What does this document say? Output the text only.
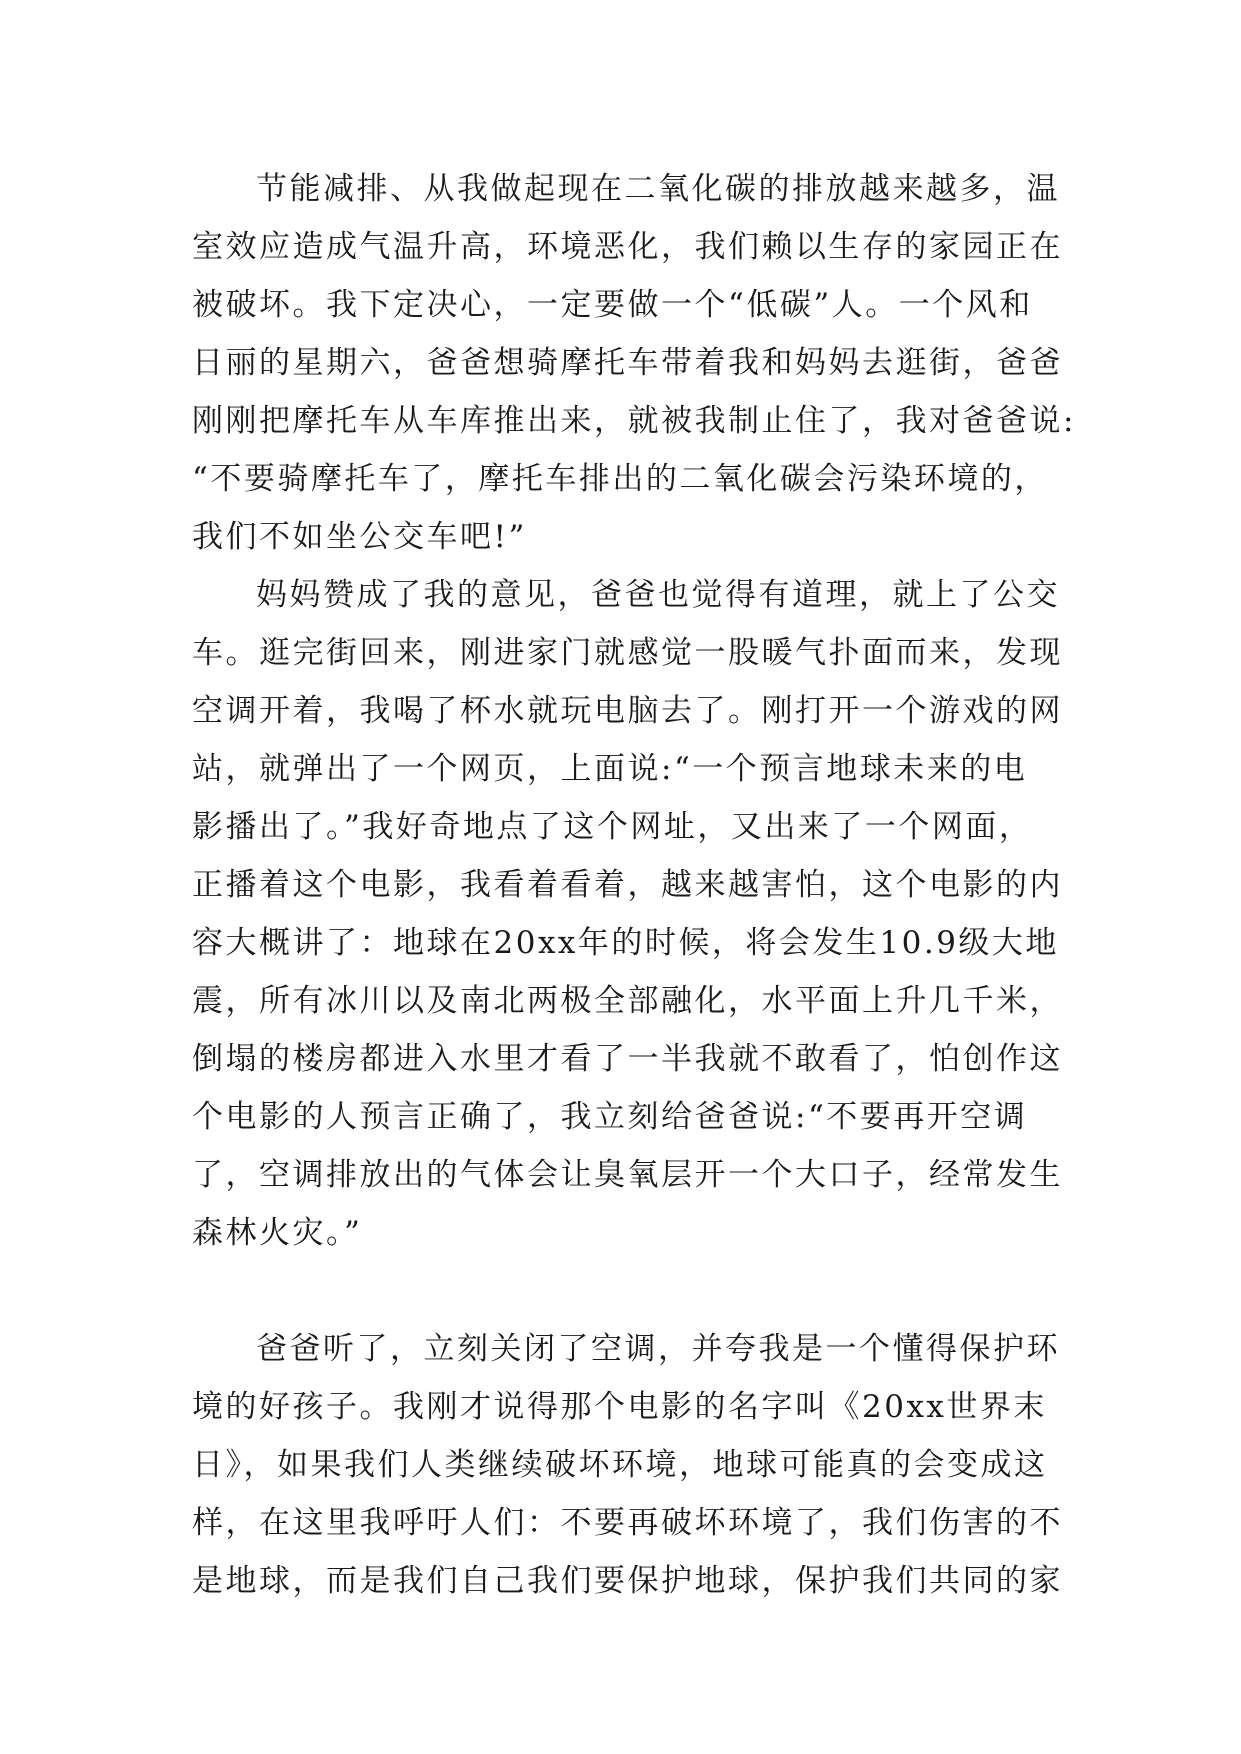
节能减排、从我做起现在二氧化碳的排放越来越多，温
室效应造成气温升高，环境恶化，我们赖以生存的家园正在
被破坏。我下定决心，一定要做一个“低碳”人。一个风和
日丽的星期六，爸爸想骑摩托车带着我和妈妈去逛街，爸爸
刚刚把摩托车从车库推出来，就被我制止住了，我对爸爸说:
“不要骑摩托车了，摩托车排出的二氧化碳会污染环境的，
我们不如坐公交车吧!”

妈妈赞成了我的意见，爸爸也觉得有道理，就上了公交
车。逛完街回来，刚进家门就感觉一股暖气扑面而来，发现
空调开着，我喝了杯水就玩电脑去了。刚打开一个游戏的网
站，就弹出了一个网页，上面说:“一个预言地球未来的电
影播出了。”我好奇地点了这个网址，又出来了一个网面，
正播着这个电影，我看着看着，越来越害怕，这个电影的内
容大概讲了：地球在20xx年的时候，将会发生10.9级大地
震，所有冰川以及南北两极全部融化，水平面上升几千米，
倒塌的楼房都进入水里才看了一半我就不敢看了，怕创作这
个电影的人预言正确了，我立刻给爸爸说:“不要再开空调
了，空调排放出的气体会让臭氧层开一个大口子，经常发生
森林火灾。”

爸爸听了，立刻关闭了空调，并夸我是一个懂得保护环
境的好孩子。我刚才说得那个电影的名字叫《20xx世界末
日》，如果我们人类继续破坏环境，地球可能真的会变成这
样，在这里我呼吁人们：不要再破坏环境了，我们伤害的不
是地球，而是我们自己我们要保护地球，保护我们共同的家
